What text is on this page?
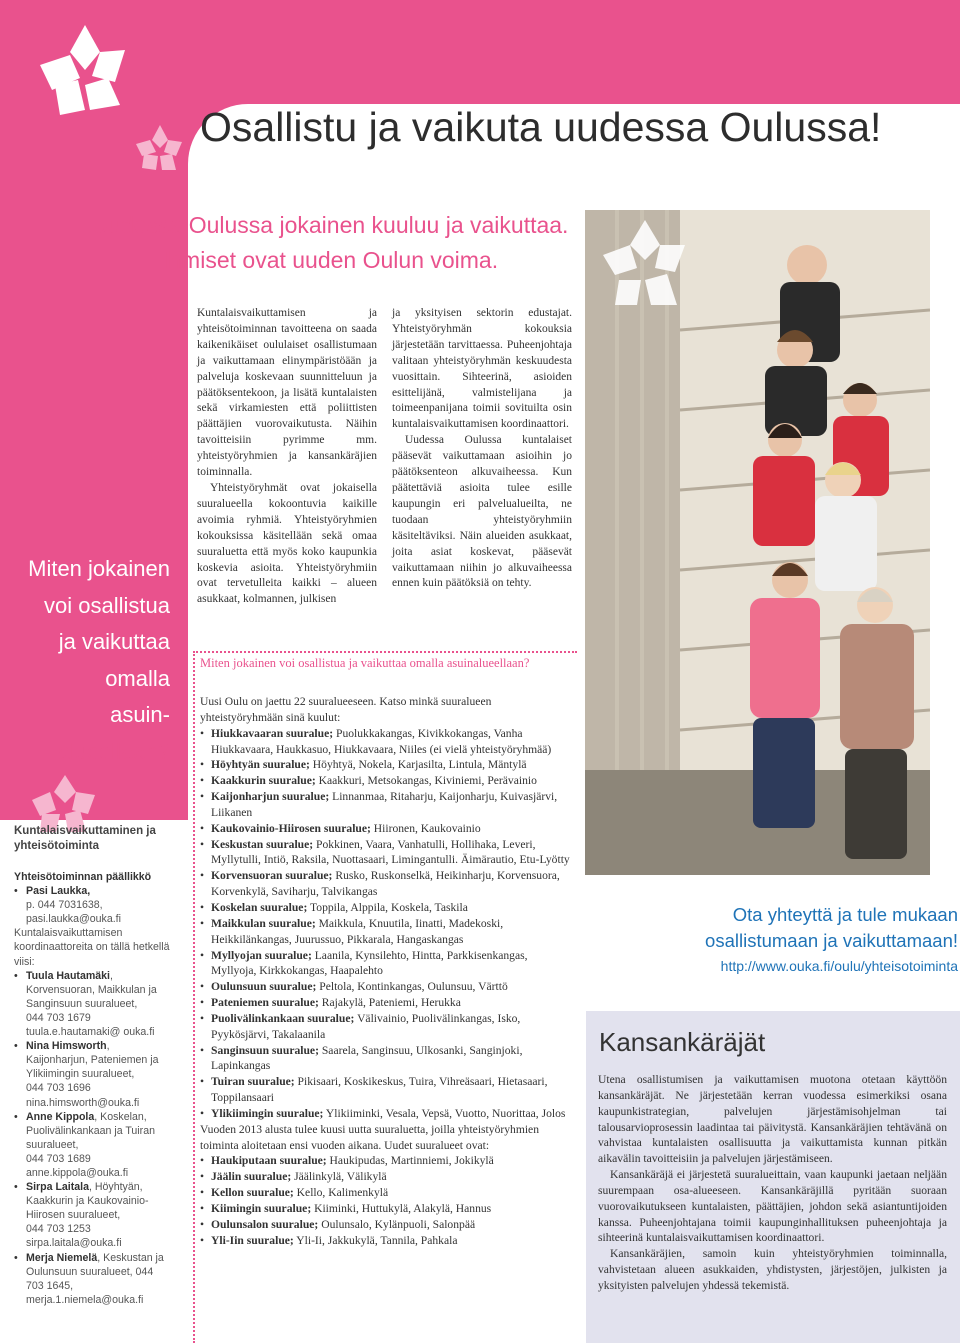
Osallistu ja vaikuta uudessa Oulussa!
Uudessa Oulussa jokainen kuuluu ja vaikuttaa.
Ihmiset ovat uuden Oulun voima.
Miten jokainen
voi osallistua
ja vaikuttaa
omalla
asuin-
alueellaan?

Kuntalaisvaikuttaminen ja yhteisötoiminta

Yhteisötoiminnan päällikkö

• Pasi Laukka,

p. 044 7031638,

pasi.laukka@ouka.fi

Kuntalaisvaikuttamisen koordinaattoreita on tällä hetkellä viisi:

• Tuula Hautamäki, Korvensuoran, Maikkulan ja Sanginsuun suuralueet,
044 703 1679
tuula.e.hautamaki@ ouka.fi
• Nina Himsworth, Kaijonharjun, Pateniemen ja Ylikiimingin suuralueet,
044 703 1696
nina.himsworth@ouka.fi
• Anne Kippola, Koskelan, Puolivälinkankaan ja Tuiran suuralueet,
044 703 1689
anne.kippola@ouka.fi
• Sirpa Laitala, Höyhtyän, Kaakkurin ja Kaukovainio-Hiirosen suuralueet,
044 703 1253
sirpa.laitala@ouka.fi
• Merja Niemelä, Keskustan ja Oulunsuun suuralueet, 044 703 1645,
merja.1.niemela@ouka.fi

Kuntalaisvaikuttamisen ja yhteisötoiminnan tavoitteena on saada kaikenikäiset oululaiset osallistumaan ja vaikuttamaan elinympäristöään ja palveluja koskevaan suunnitteluun ja päätöksentekoon, ja lisätä kuntalaisten sekä virkamiesten että poliittisten päättäjien vuorovaikutusta. Näihin tavoitteisiin pyrimme mm. yhteistyöryhmien ja kansankäräjien toiminnalla.

Yhteistyöryhmät ovat jokaisella suuralueella kokoontuvia kaikille avoimia ryhmiä. Yhteistyöryhmien kokouksissa käsitellään sekä omaa suuraluetta että myös koko kaupunkia koskevia asioita. Yhteistyöryhmiin ovat tervetulleita kaikki – alueen asukkaat, kolmannen, julkisen

ja yksityisen sektorin edustajat. Yhteistyöryhmän kokouksia järjestetään tarvittaessa. Puheenjohtaja valitaan yhteistyöryhmän keskuudesta vuosittain. Sihteerinä, asioiden esittelijänä, valmistelijana ja toimeenpanijana toimii sovituilta osin kuntalaisvaikuttamisen koordinaattori.

Uudessa Oulussa kuntalaiset pääsevät vaikuttamaan asioihin jo päätöksenteon alkuvaiheessa. Kun päätettäviä asioita tulee esille kaupungin eri palvelualueilta, ne tuodaan yhteistyöryhmiin käsiteltäviksi. Näin alueiden asukkaat, joita asiat koskevat, pääsevät vaikuttamaan niihin jo alkuvaiheessa ennen kuin päätöksiä on tehty.

Miten jokainen voi osallistua ja vaikuttaa omalla asuinalueellaan?

Uusi Oulu on jaettu 22 suuralueeseen. Katso minkä suuralueen yhteistyöryhmään sinä kuulut:

• Hiukkavaaran suuralue; Puolukkakangas, Kivikkokangas, Vanha Hiukkavaara, Haukkasuo, Hiukkavaara, Niiles (ei vielä yhteistyöryhmää)
• Höyhtyän suuralue; Höyhtyä, Nokela, Karjasilta, Lintula, Mäntylä
• Kaakkurin suuralue; Kaakkuri, Metsokangas, Kiviniemi, Perävainio
• Kaijonharjun suuralue; Linnanmaa, Ritaharju, Kaijonharju, Kuivasjärvi, Liikanen
• Kaukovainio-Hiirosen suuralue; Hiironen, Kaukovainio
• Keskustan suuralue; Pokkinen, Vaara, Vanhatulli, Hollihaka, Leveri, Myllytulli, Intiö, Raksila, Nuottasaari, Limingantulli. Äimärautio, Etu-Lyötty
• Korvensuoran suuralue; Rusko, Ruskonselkä, Heikinharju, Korvensuora, Korvenkylä, Saviharju, Talvikangas
• Koskelan suuralue; Toppila, Alppila, Koskela, Taskila
• Maikkulan suuralue; Maikkula, Knuutila, Iinatti, Madekoski, Heikkilänkangas, Juurussuo, Pikkarala, Hangaskangas
• Myllyojan suuralue; Laanila, Kynsilehto, Hintta, Parkkisenkangas, Myllyoja, Kirkkokangas, Haapalehto
• Oulunsuun suuralue; Peltola, Kontinkangas, Oulunsuu, Värttö
• Pateniemen suuralue; Rajakylä, Pateniemi, Herukka
• Puolivälinkankaan suuralue; Välivainio, Puolivälinkangas, Isko, Pyykösjärvi, Takalaanila
• Sanginsuun suuralue; Saarela, Sanginsuu, Ulkosanki, Sanginjoki, Lapinkangas
• Tuiran suuralue; Pikisaari, Koskikeskus, Tuira, Vihreäsaari, Hietasaari, Toppilansaari
• Ylikiimingin suuralue; Ylikiiminki, Vesala, Vepsä, Vuotto, Nuorittaa, Jolos

Vuoden 2013 alusta tulee kuusi uutta suuraluetta, joilla yhteistyöryhmien toiminta aloitetaan ensi vuoden aikana. Uudet suuralueet ovat:

• Haukiputaan suuralue; Haukipudas, Martinniemi, Jokikylä
• Jäälin suuralue; Jäälinkylä, Välikylä
• Kellon suuralue; Kello, Kalimenkylä
• Kiimingin suuralue; Kiiminki, Huttukylä, Alakylä, Hannus
• Oulunsalon suuralue; Oulunsalo, Kylänpuoli, Salonpää
• Yli-Iin suuralue; Yli-Ii, Jakkukylä, Tannila, Pahkala
Ota yhteyttä ja tule mukaan
osallistumaan ja vaikuttamaan!
http://www.ouka.fi/oulu/yhteisotoiminta
Kansankäräjät

Utena osallistumisen ja vaikuttamisen muotona otetaan käyttöön kansankäräjät. Ne järjestetään kerran vuodessa esimerkiksi osana kaupunkistrategian, palvelujen järjestämisohjelman tai talousarvioprosessin laadintaa tai päivitystä. Kansankäräjien tehtävänä on vahvistaa kuntalaisten osallisuutta ja vaikuttamista kunnan pitkän aikavälin tavoitteisiin ja palvelujen järjestämiseen.

Kansankäräjä ei järjestetä suuralueittain, vaan kaupunki jaetaan neljään suurempaan osa-alueeseen. Kansankäräjillä pyritään suoraan vuorovaikutukseen kuntalaisten, päättäjien, johdon sekä asiantuntijoiden kanssa. Puheenjohtajana toimii kaupunginhallituksen puheenjohtaja ja sihteerinä kuntalaisvaikuttamisen koordinaattori.

Kansankäräjien, samoin kuin yhteistyöryhmien toiminnalla, vahvistetaan alueen asukkaiden, yhdistysten, järjestöjen, julkisten ja yksityisten palvelujen yhdessä tekemistä.
